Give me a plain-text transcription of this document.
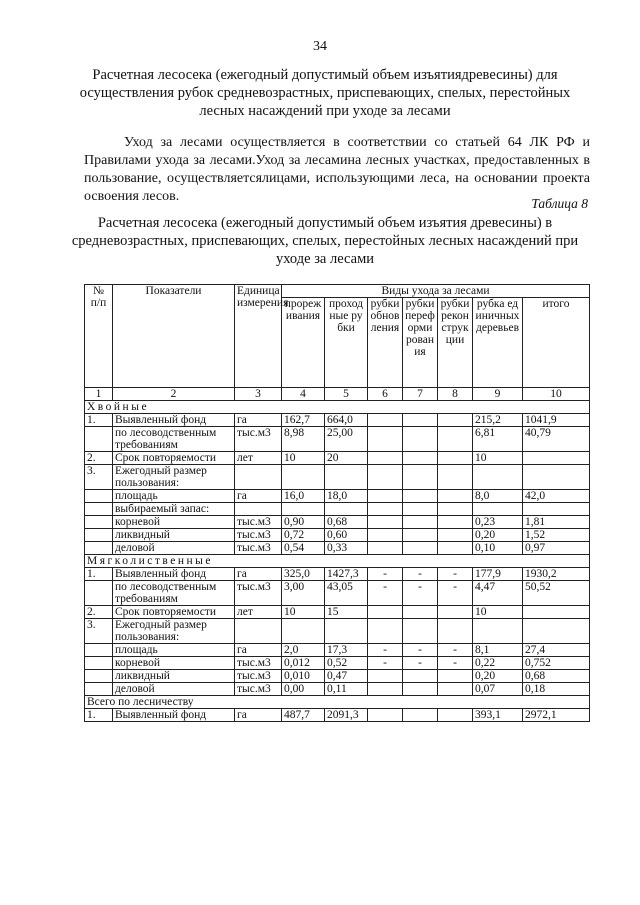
34
Расчетная лесосека (ежегодный допустимый объем изъятиядревесины) для осуществления рубок средневозрастных, приспевающих, спелых, перестойных лесных насаждений при уходе за лесами
Уход за лесами осуществляется в соответствии со статьей 64 ЛК РФ и Правилами ухода за лесами.Уход за лесамина лесных участках, предоставленных в пользование, осуществляетсялицами, использующими леса, на основании проекта освоения лесов.	Таблица 8
Расчетная лесосека (ежегодный допустимый объем изъятия древесины) в средневозрастных, приспевающих, спелых, перестойных лесных насаждений при уходе за лесами
№ п/п	Показатели	Единица измерения	Виды ухода за лесами						
			прореживания	проходные рубки	рубки обновления	рубки переформирования	рубки реконструкции	рубка единичных деревьев	итого
1	2	3	4	5	6	7	8	9	10
Хвойные									
1.	Выявленный фонд	га	162,7	664,0				215,2	1041,9
	по лесоводственным требованиям	тыс.м3	8,98	25,00				6,81	40,79
2.	Срок повторяемости	лет	10	20				10	
3.	Ежегодный размер пользования:								
	площадь	га	16,0	18,0				8,0	42,0
	выбираемый запас:								
	корневой	тыс.м3	0,90	0,68				0,23	1,81
	ликвидный	тыс.м3	0,72	0,60				0,20	1,52
	деловой	тыс.м3	0,54	0,33				0,10	0,97
Мягколиственные									
1.	Выявленный фонд	га	325,0	1427,3	-	-	-	177,9	1930,2
	по лесоводственным требованиям	тыс.м3	3,00	43,05	-	-	-	4,47	50,52
2.	Срок повторяемости	лет	10	15				10	
3.	Ежегодный размер пользования:								
	площадь	га	2,0	17,3	-	-	-	8,1	27,4
	корневой	тыс.м3	0,012	0,52	-	-	-	0,22	0,752
	ликвидный	тыс.м3	0,010	0,47				0,20	0,68
	деловой	тыс.м3	0,00	0,11				0,07	0,18
Всего по лесничеству									
1.	Выявленный фонд	га	487,7	2091,3				393,1	2972,1
